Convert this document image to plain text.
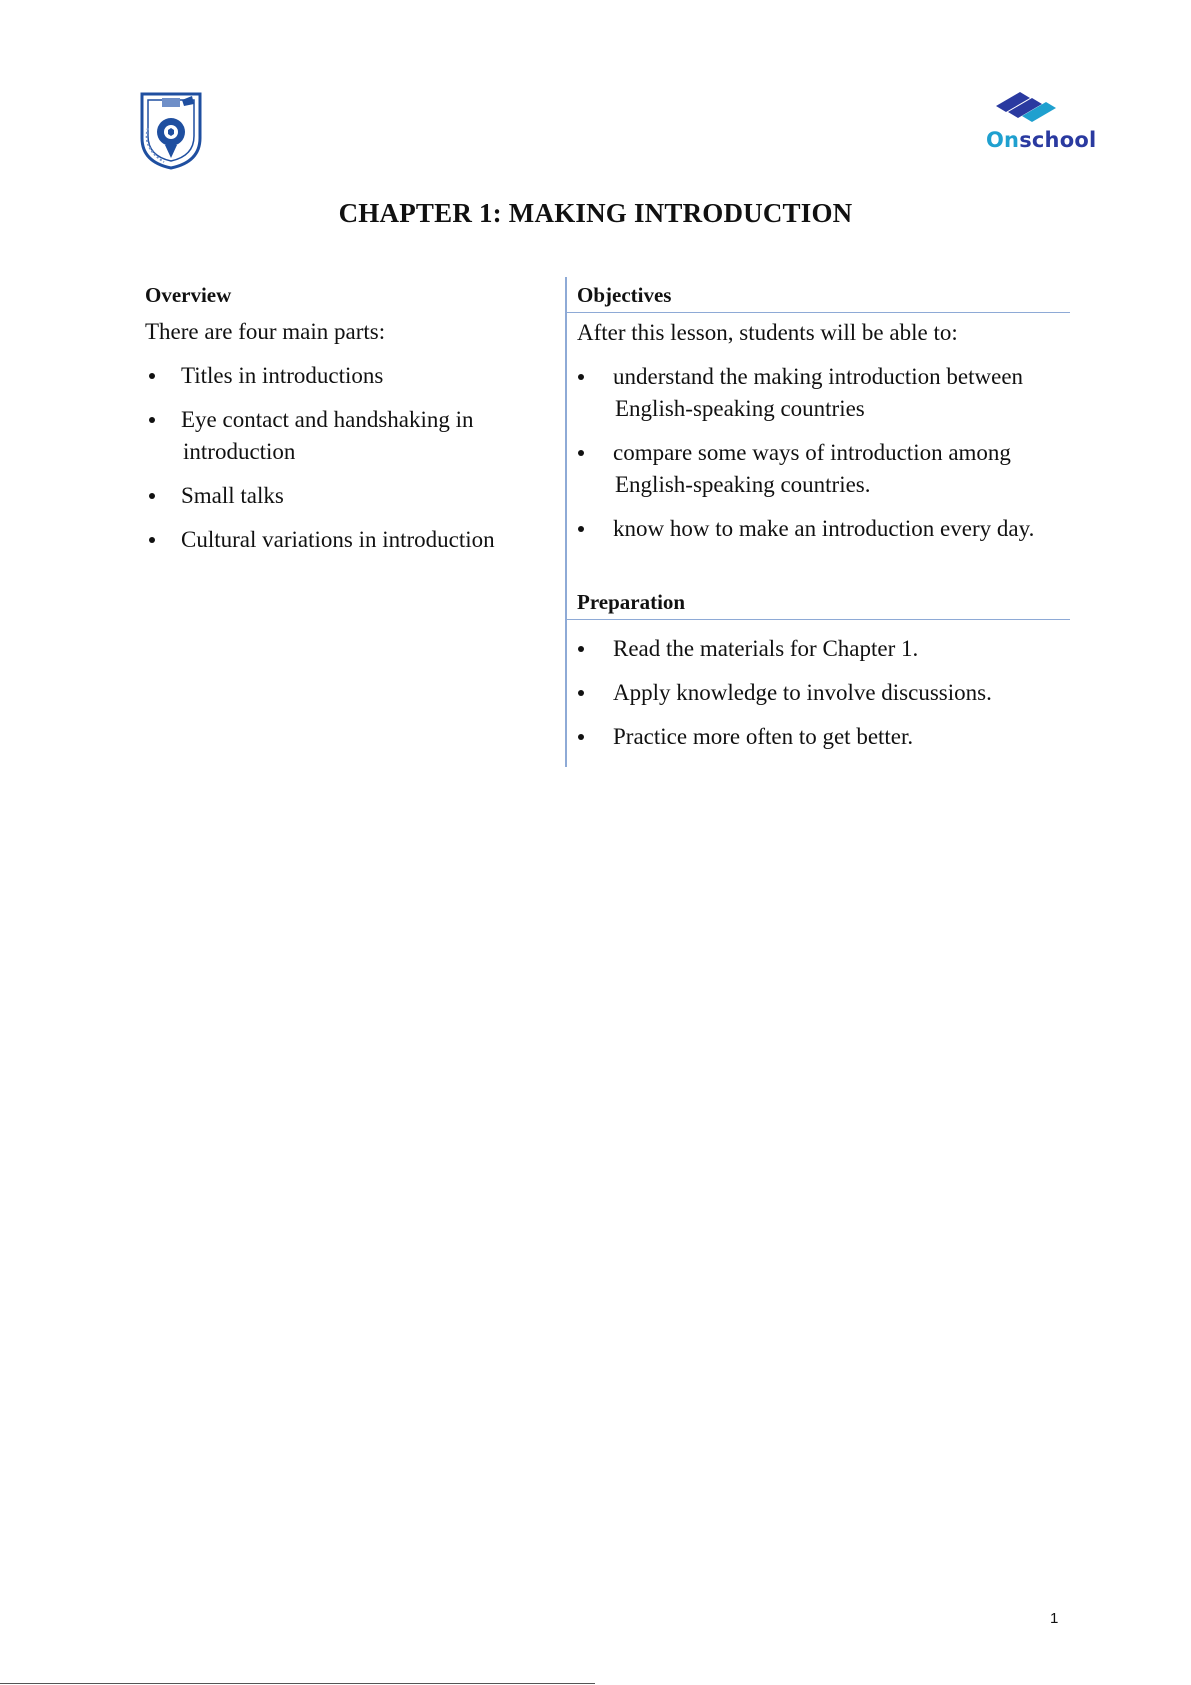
Onschool
CHAPTER 1: MAKING INTRODUCTION
Overview
There are four main parts:
Titles in introductions
Eye contact and handshaking in
introduction
Small talks
Cultural variations in introduction
Objectives
After this lesson, students will be able to:
understand the making introduction between
English-speaking countries
compare some ways of introduction among
English-speaking countries.
know how to make an introduction every day.
Preparation
Read the materials for Chapter 1.
Apply knowledge to involve discussions.
Practice more often to get better.
1
